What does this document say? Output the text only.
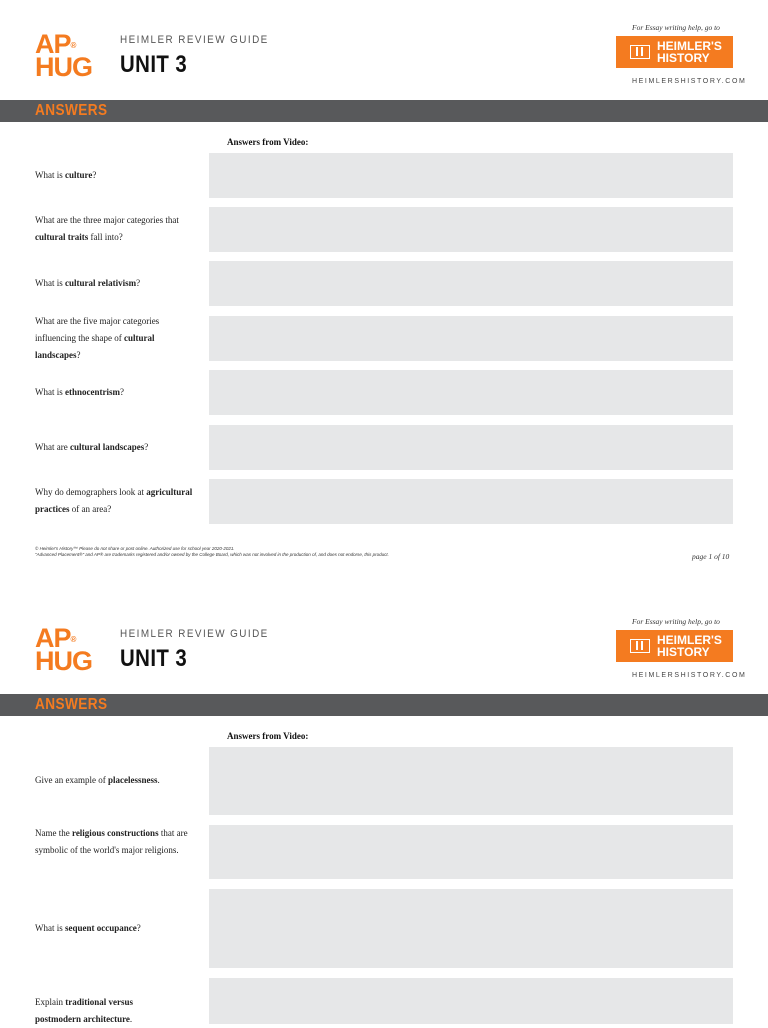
AP®
HUG
HEIMLER REVIEW GUIDE
UNIT 3
For Essay writing help, go to
HEIMLER'S
HISTORY
HEIMLERSHISTORY.COM
ANSWERS
Answers from Video:
What is culture?
What are the three major categories that cultural traits fall into?
What is cultural relativism?
What are the five major categories influencing the shape of cultural landscapes?
What is ethnocentrism?
What are cultural landscapes?
Why do demographers look at agricultural practices of an area?
© Heimler's History™ Please do not share or post online. Authorized use for school year 2020-2021.
"Advanced Placement®" and AP® are trademarks registered and/or owned by the College Board, which was not involved in the production of, and does not endorse, this product.	page 1 of 10
AP®
HUG
HEIMLER REVIEW GUIDE
UNIT 3
For Essay writing help, go to
HEIMLER'S
HISTORY
HEIMLERSHISTORY.COM
ANSWERS
Answers from Video:
Give an example of placelessness.
Name the religious constructions that are symbolic of the world's major religions.
What is sequent occupance?
Explain traditional versus postmodern architecture.
